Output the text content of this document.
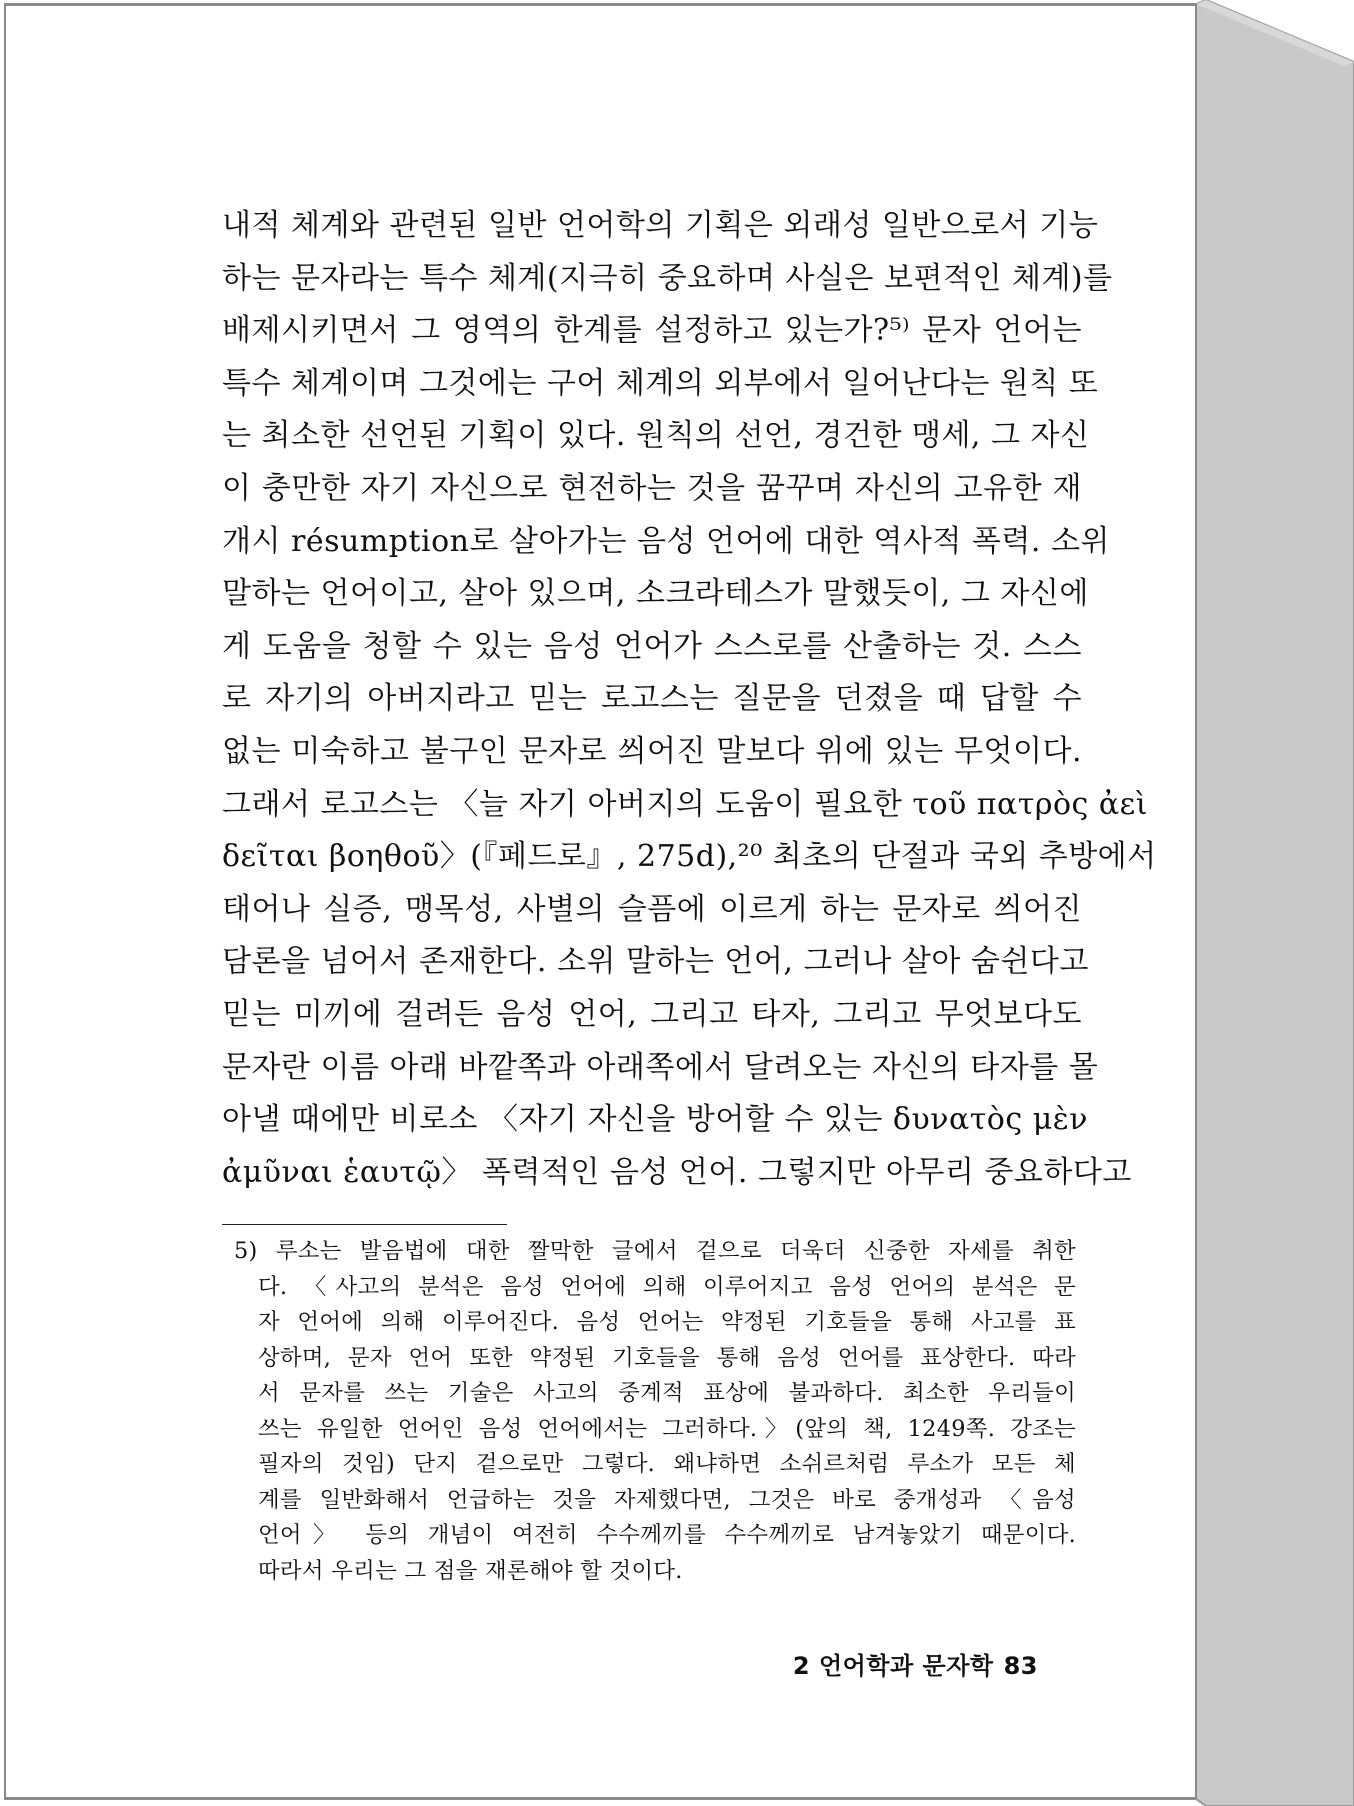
내적 체계와 관련된 일반 언어학의 기획은 외래성 일반으로서 기능
하는 문자라는 특수 체계(지극히 중요하며 사실은 보편적인 체계)를
배제시키면서 그 영역의 한계를 설정하고 있는가?⁵⁾ 문자 언어는
특수 체계이며 그것에는 구어 체계의 외부에서 일어난다는 원칙 또
는 최소한 선언된 기획이 있다. 원칙의 선언, 경건한 맹세, 그 자신
이 충만한 자기 자신으로 현전하는 것을 꿈꾸며 자신의 고유한 재
개시 résumption로 살아가는 음성 언어에 대한 역사적 폭력. 소위
말하는 언어이고, 살아 있으며, 소크라테스가 말했듯이, 그 자신에
게 도움을 청할 수 있는 음성 언어가 스스로를 산출하는 것. 스스
로 자기의 아버지라고 믿는 로고스는 질문을 던졌을 때 답할 수
없는 미숙하고 불구인 문자로 씌어진 말보다 위에 있는 무엇이다.
그래서 로고스는 〈늘 자기 아버지의 도움이 필요한 τοῦ πατρὸς ἀεὶ
δεῖται βοηθοῦ〉(『페드로』, 275d),²⁰ 최초의 단절과 국외 추방에서
태어나 실증, 맹목성, 사별의 슬픔에 이르게 하는 문자로 씌어진
담론을 넘어서 존재한다. 소위 말하는 언어, 그러나 살아 숨쉰다고
믿는 미끼에 걸려든 음성 언어, 그리고 타자, 그리고 무엇보다도
문자란 이름 아래 바깥쪽과 아래쪽에서 달려오는 자신의 타자를 몰
아낼 때에만 비로소 〈자기 자신을 방어할 수 있는 δυνατὸς μὲν
ἀμῦναι ἑαυτῷ〉 폭력적인 음성 언어. 그렇지만 아무리 중요하다고
5) 루소는 발음법에 대한 짤막한 글에서 겉으로 더욱더 신중한 자세를 취한
다. 〈사고의 분석은 음성 언어에 의해 이루어지고 음성 언어의 분석은 문
자 언어에 의해 이루어진다. 음성 언어는 약정된 기호들을 통해 사고를 표
상하며, 문자 언어 또한 약정된 기호들을 통해 음성 언어를 표상한다. 따라
서 문자를 쓰는 기술은 사고의 중계적 표상에 불과하다. 최소한 우리들이
쓰는 유일한 언어인 음성 언어에서는 그러하다.〉(앞의 책, 1249쪽. 강조는
필자의 것임) 단지 겉으로만 그렇다. 왜냐하면 소쉬르처럼 루소가 모든 체
계를 일반화해서 언급하는 것을 자제했다면, 그것은 바로 중개성과 〈음성
언어〉 등의 개념이 여전히 수수께끼를 수수께끼로 남겨놓았기 때문이다.
따라서 우리는 그 점을 재론해야 할 것이다.
2 언어학과 문자학 83
